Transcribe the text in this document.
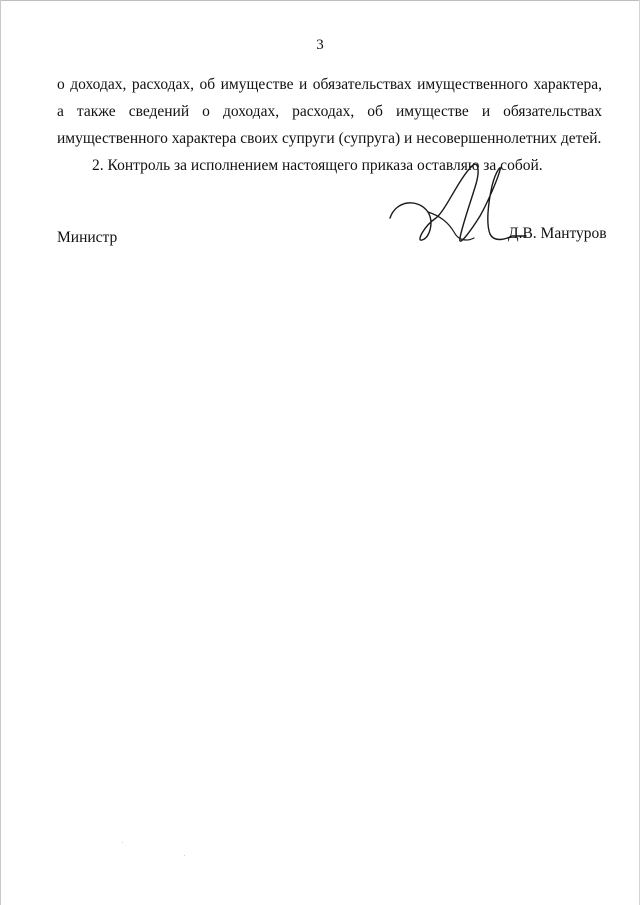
3

о доходах, расходах, об имуществе и обязательствах имущественного характера,
а также сведений о доходах, расходах, об имуществе и обязательствах
имущественного характера своих супруги (супруга) и несовершеннолетних детей.

2. Контроль за исполнением настоящего приказа оставляю за собой.

Министр	Д.В. Мантуров
